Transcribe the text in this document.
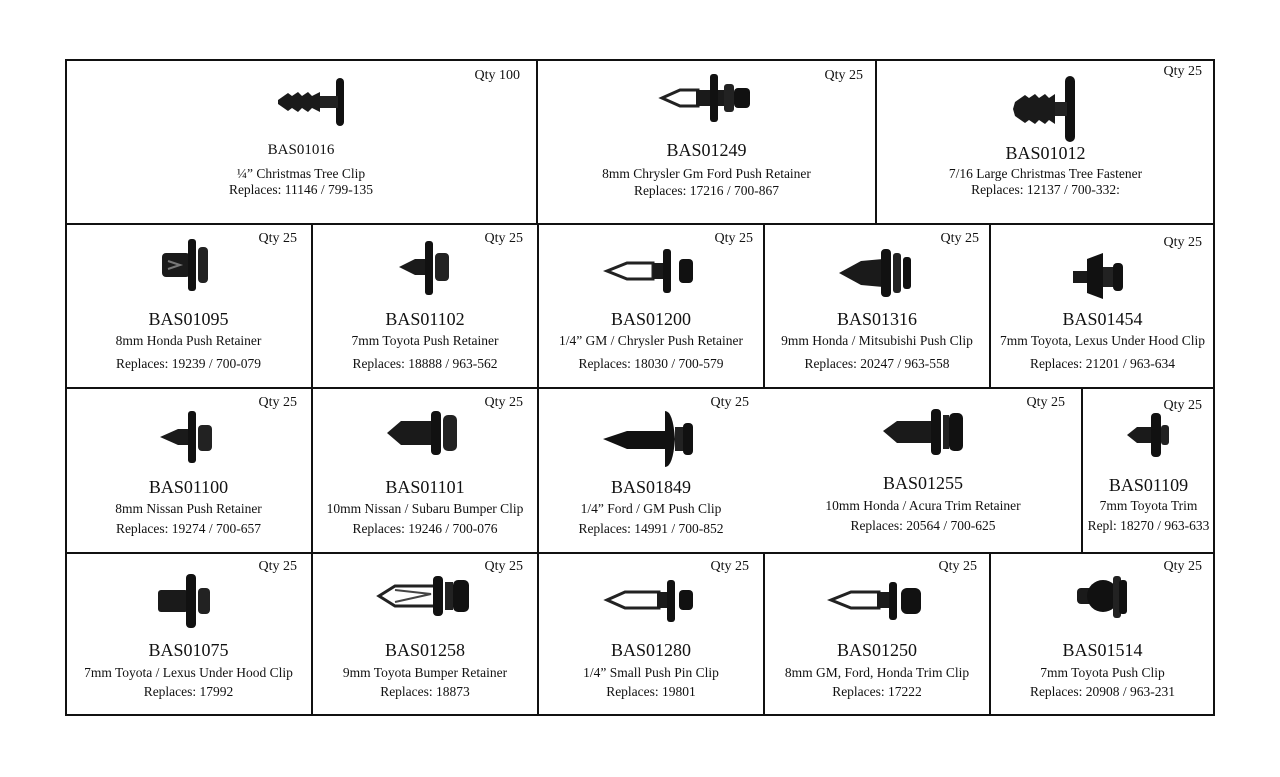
Qty 100
BAS01016
¼” Christmas Tree Clip
Replaces: 11146 / 799-135
Qty 25
BAS01249
8mm Chrysler Gm Ford Push Retainer
Replaces: 17216 / 700-867
Qty 25
BAS01012
7/16 Large Christmas Tree Fastener
Replaces: 12137 / 700-332:
Qty 25
BAS01095
8mm Honda Push Retainer
Replaces: 19239 / 700-079
Qty 25
BAS01102
7mm Toyota Push Retainer
Replaces: 18888 / 963-562
Qty 25
BAS01200
1/4” GM / Chrysler Push Retainer
Replaces: 18030 / 700-579
Qty 25
BAS01316
9mm Honda / Mitsubishi Push Clip
Replaces: 20247 / 963-558
Qty 25
BAS01454
7mm Toyota, Lexus Under Hood Clip
Replaces: 21201 / 963-634
Qty 25
BAS01100
8mm Nissan Push Retainer
Replaces: 19274 / 700-657
Qty 25
BAS01101
10mm Nissan / Subaru Bumper Clip
Replaces: 19246 / 700-076
Qty 25
BAS01849
1/4” Ford / GM Push Clip
Replaces: 14991 / 700-852
Qty 25
BAS01255
10mm Honda / Acura Trim Retainer
Replaces: 20564 / 700-625
Qty 25
BAS01109
7mm Toyota Trim
Repl: 18270 / 963-633
Qty 25
BAS01075
7mm Toyota / Lexus Under Hood Clip
Replaces: 17992
Qty 25
BAS01258
9mm Toyota Bumper Retainer
Replaces: 18873
Qty 25
BAS01280
1/4” Small Push Pin Clip
Replaces: 19801
Qty 25
BAS01250
8mm GM, Ford, Honda Trim Clip
Replaces: 17222
Qty 25
BAS01514
7mm Toyota Push Clip
Replaces: 20908 / 963-231
